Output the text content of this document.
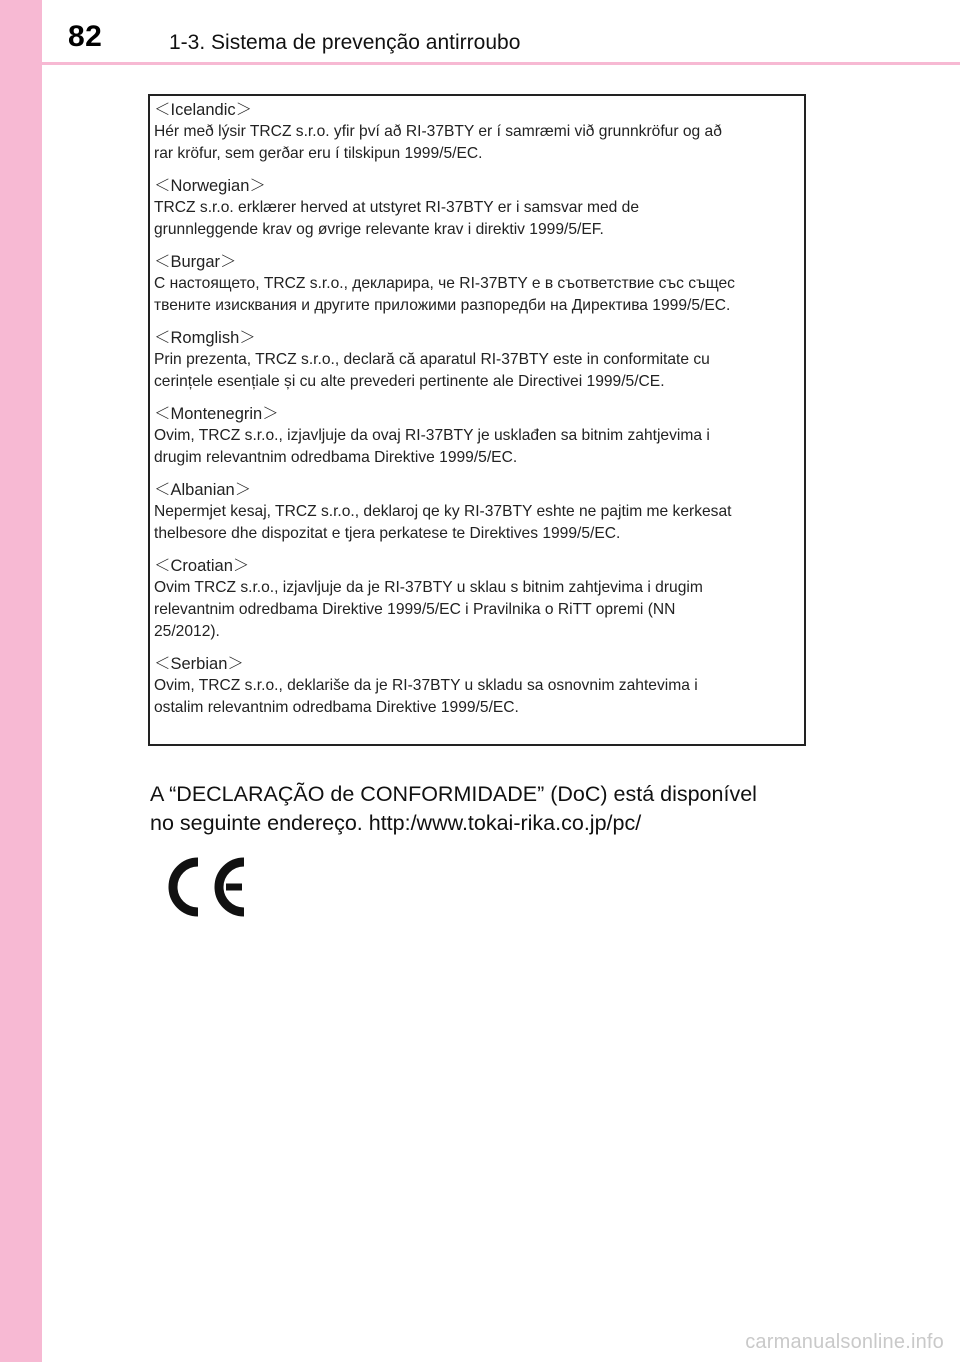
82	1-3. Sistema de prevenção antirroubo
＜Icelandic＞
Hér með lýsir TRCZ s.r.o. yfir því að RI-37BTY er í samræmi við grunnkröfur og að
rar kröfur, sem gerðar eru í tilskipun 1999/5/EC.
＜Norwegian＞
TRCZ s.r.o. erklærer herved at utstyret RI-37BTY er i samsvar med de
grunnleggende krav og øvrige relevante krav i direktiv 1999/5/EF.
＜Burgar＞
С настоящето, TRCZ s.r.o., декларира, че RI-37BTY е в съответствие със същес
твените изисквания и другите приложими разпоредби на Директива 1999/5/EC.
＜Romglish＞
Prin prezenta, TRCZ s.r.o., declară că aparatul RI-37BTY este in conformitate cu
cerințele esențiale și cu alte prevederi pertinente ale Directivei 1999/5/CE.
＜Montenegrin＞
Ovim, TRCZ s.r.o., izjavljuje da ovaj RI-37BTY je usklađen sa bitnim zahtjevima i
drugim relevantnim odredbama Direktive 1999/5/EC.
＜Albanian＞
Nepermjet kesaj, TRCZ s.r.o., deklaroj qe ky RI-37BTY eshte ne pajtim me kerkesat
thelbesore dhe dispozitat e tjera perkatese te Direktives 1999/5/EC.
＜Croatian＞
Ovim TRCZ s.r.o., izjavljuje da je RI-37BTY u sklau s bitnim zahtjevima i drugim
relevantnim odredbama Direktive 1999/5/EC i Pravilnika o RiTT opremi (NN
25/2012).
＜Serbian＞
Ovim, TRCZ s.r.o., deklariše da je RI-37BTY u skladu sa osnovnim zahtevima i
ostalim relevantnim odredbama Direktive 1999/5/EC.
A “DECLARAÇÃO de CONFORMIDADE” (DoC) está disponível
no seguinte endereço. http:/www.tokai-rika.co.jp/pc/
carmanualsonline.info
